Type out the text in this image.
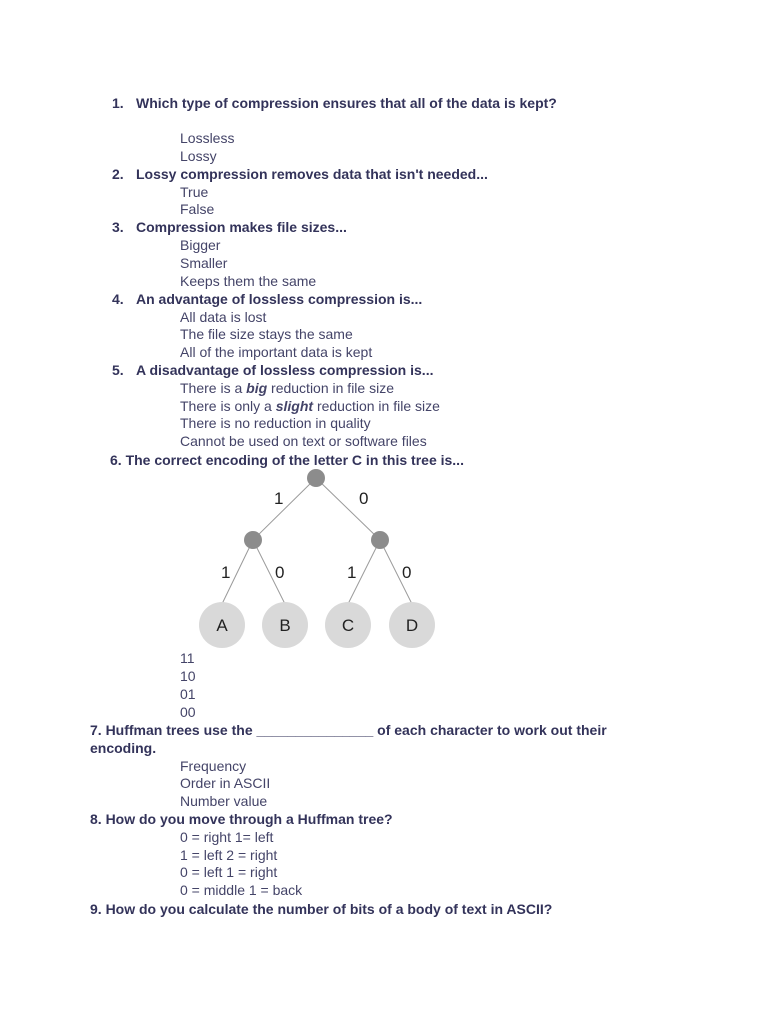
1. Which type of compression ensures that all of the data is kept?
Lossless
Lossy
2. Lossy compression removes data that isn't needed...
True
False
3. Compression makes file sizes...
Bigger
Smaller
Keeps them the same
4. An advantage of lossless compression is...
All data is lost
The file size stays the same
All of the important data is kept
5. A disadvantage of lossless compression is...
There is a big reduction in file size
There is only a slight reduction in file size
There is no reduction in quality
Cannot be used on text or software files
6. The correct encoding of the letter C in this tree is...
1	0
1	0	1	0
A	B	C	D
11
10
01
00
7. Huffman trees use the _______________ of each character to work out their
encoding.
Frequency
Order in ASCII
Number value
8. How do you move through a Huffman tree?
0 = right 1= left
1 = left 2 = right
0 = left 1 = right
0 = middle 1 = back
9. How do you calculate the number of bits of a body of text in ASCII?
